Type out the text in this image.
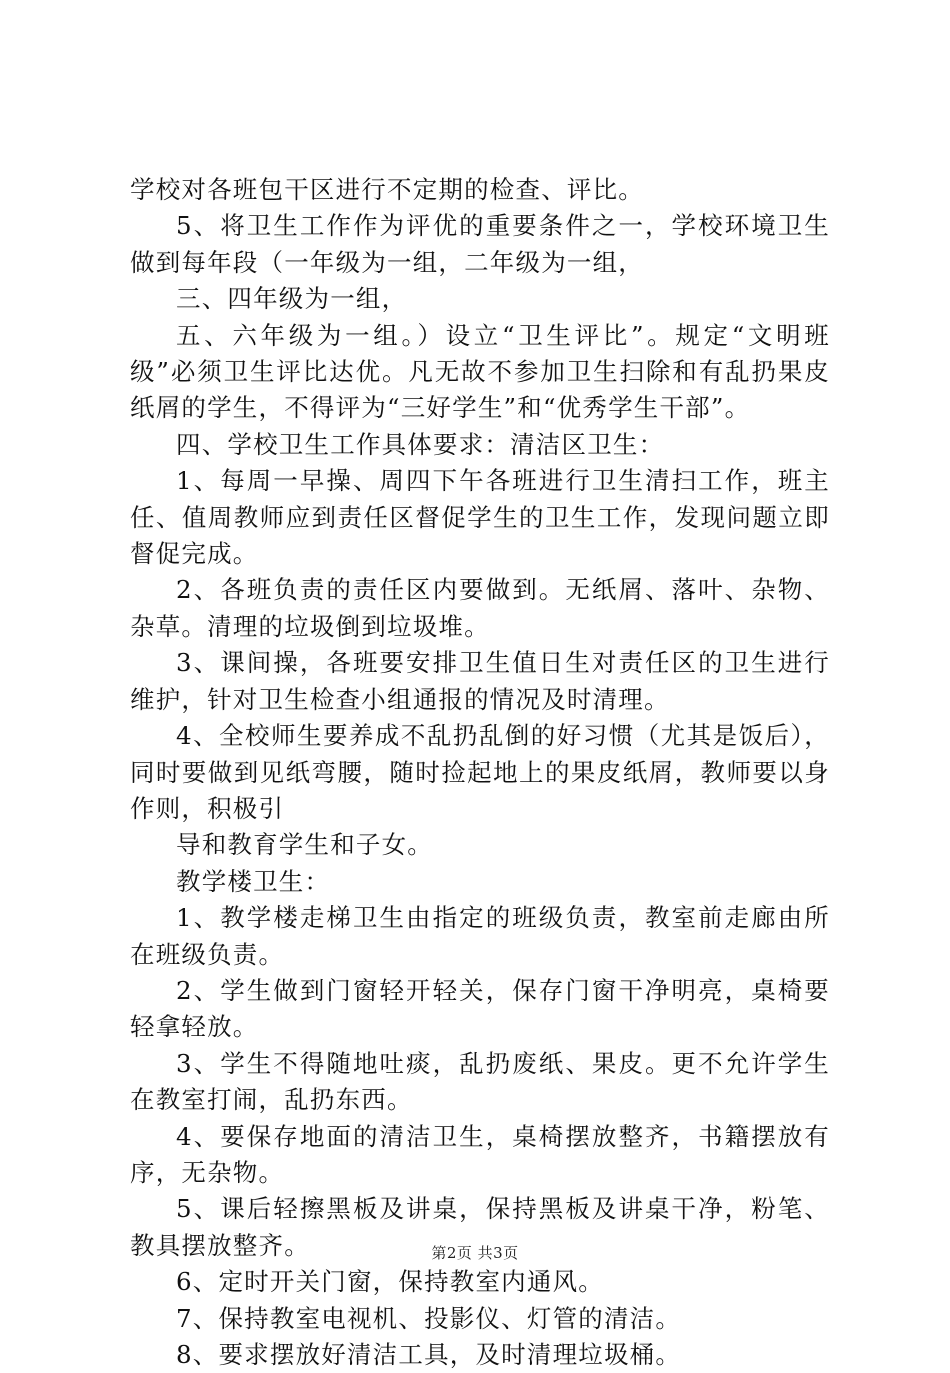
学校对各班包干区进行不定期的检查、评比。

5、将卫生工作作为评优的重要条件之一，学校环境卫生做到每年段（一年级为一组，二年级为一组，

三、四年级为一组，

五、六年级为一组。）设立“卫生评比”。规定“文明班级”必须卫生评比达优。凡无故不参加卫生扫除和有乱扔果皮纸屑的学生，不得评为“三好学生”和“优秀学生干部”。

四、学校卫生工作具体要求：清洁区卫生：

1、每周一早操、周四下午各班进行卫生清扫工作，班主任、值周教师应到责任区督促学生的卫生工作，发现问题立即督促完成。

2、各班负责的责任区内要做到。无纸屑、落叶、杂物、杂草。清理的垃圾倒到垃圾堆。

3、课间操，各班要安排卫生值日生对责任区的卫生进行维护，针对卫生检查小组通报的情况及时清理。

4、全校师生要养成不乱扔乱倒的好习惯（尤其是饭后），同时要做到见纸弯腰，随时捡起地上的果皮纸屑，教师要以身作则，积极引

导和教育学生和子女。

教学楼卫生：

1、教学楼走梯卫生由指定的班级负责，教室前走廊由所在班级负责。

2、学生做到门窗轻开轻关，保存门窗干净明亮，桌椅要轻拿轻放。

3、学生不得随地吐痰，乱扔废纸、果皮。更不允许学生在教室打闹，乱扔东西。

4、要保存地面的清洁卫生，桌椅摆放整齐，书籍摆放有序，无杂物。

5、课后轻擦黑板及讲桌，保持黑板及讲桌干净，粉笔、教具摆放整齐。

6、定时开关门窗，保持教室内通风。

7、保持教室电视机、投影仪、灯管的清洁。

8、要求摆放好清洁工具，及时清理垃圾桶。

第2页 共3页
